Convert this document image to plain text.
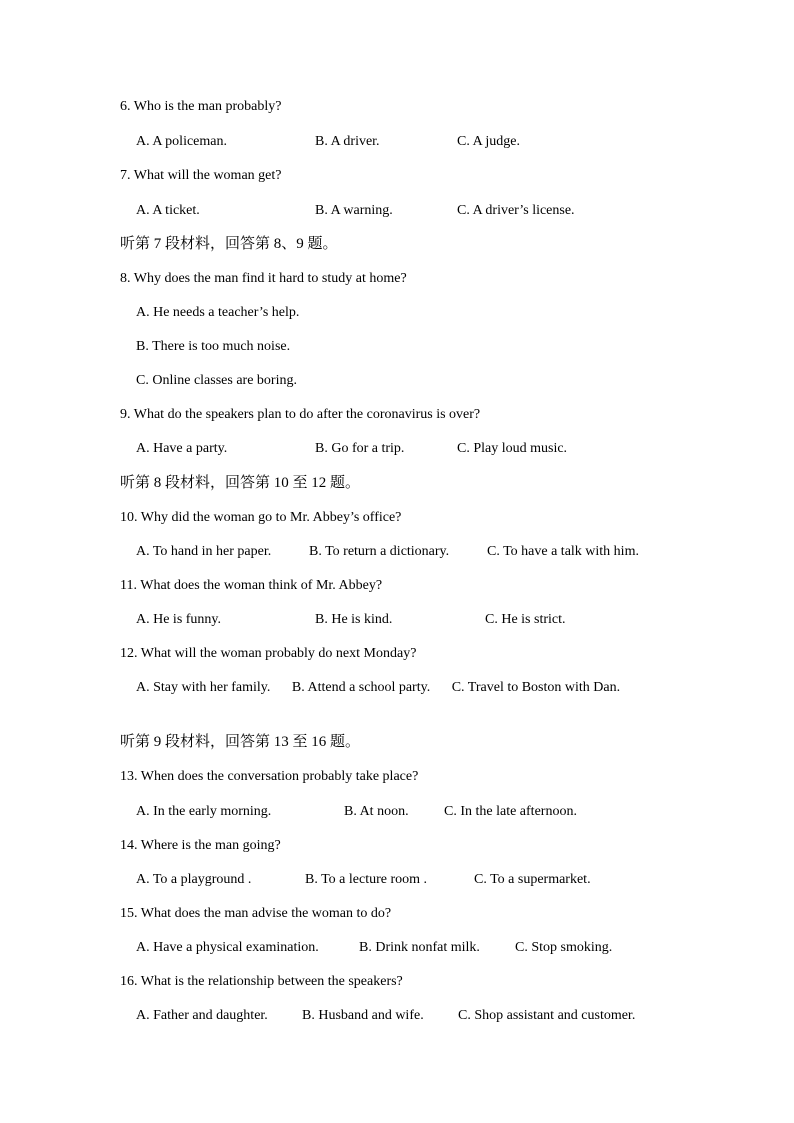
6. Who is the man probably?
A. A policeman.	B. A driver.	C. A judge.
7. What will the woman get?
A. A ticket.	B. A warning.	C. A driver’s license.
听第 7 段材料，回答第 8、9 题。
8. Why does the man find it hard to study at home?
A. He needs a teacher’s help.
B. There is too much noise.
C. Online classes are boring.
9. What do the speakers plan to do after the coronavirus is over?
A. Have a party.	B. Go for a trip.	C. Play loud music.
听第 8 段材料，回答第 10 至 12 题。
10. Why did the woman go to Mr. Abbey’s office?
A. To hand in her paper.	B. To return a dictionary.	C. To have a talk with him.
11. What does the woman think of Mr. Abbey?
A. He is funny.	B. He is kind.	C. He is strict.
12. What will the woman probably do next Monday?
A. Stay with her family. B. Attend a school party. C. Travel to Boston with Dan.
听第 9 段材料，回答第 13 至 16 题。
13. When does the conversation probably take place?
A. In the early morning.	B. At noon.	C. In the late afternoon.
14. Where is the man going?
A. To a playground .	B. To a lecture room .	C. To a supermarket.
15. What does the man advise the woman to do?
A. Have a physical examination.	B. Drink nonfat milk.	C. Stop smoking.
16. What is the relationship between the speakers?
A. Father and daughter. B. Husband and wife. C. Shop assistant and customer.
